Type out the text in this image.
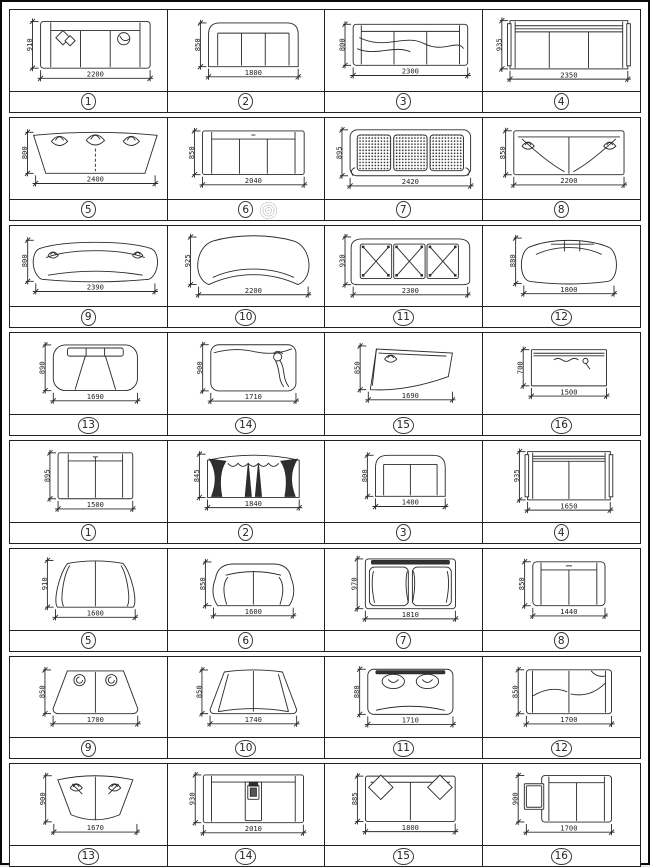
2200
910
1800
850
2300
800
2350
935
1	2	3	4
2400
800
2040
850
2420
895
2200
850
5	6	7	8
2390
800
2200
925
2300
930
1800
880
9	10	11	12
1690
890
1710
900
1690
850
1500
700
13	14	15	16
1500
895
1840
845
1400
800
1650
935
1	2	3	4
1600
910
1600
850
1810
970
1440
850
5	6	7	8
1700
850
1740
850
1710
880
1700
850
9	10	11	12
1670
900
2010
930
1800
885
1700
900
13	14	15	16
